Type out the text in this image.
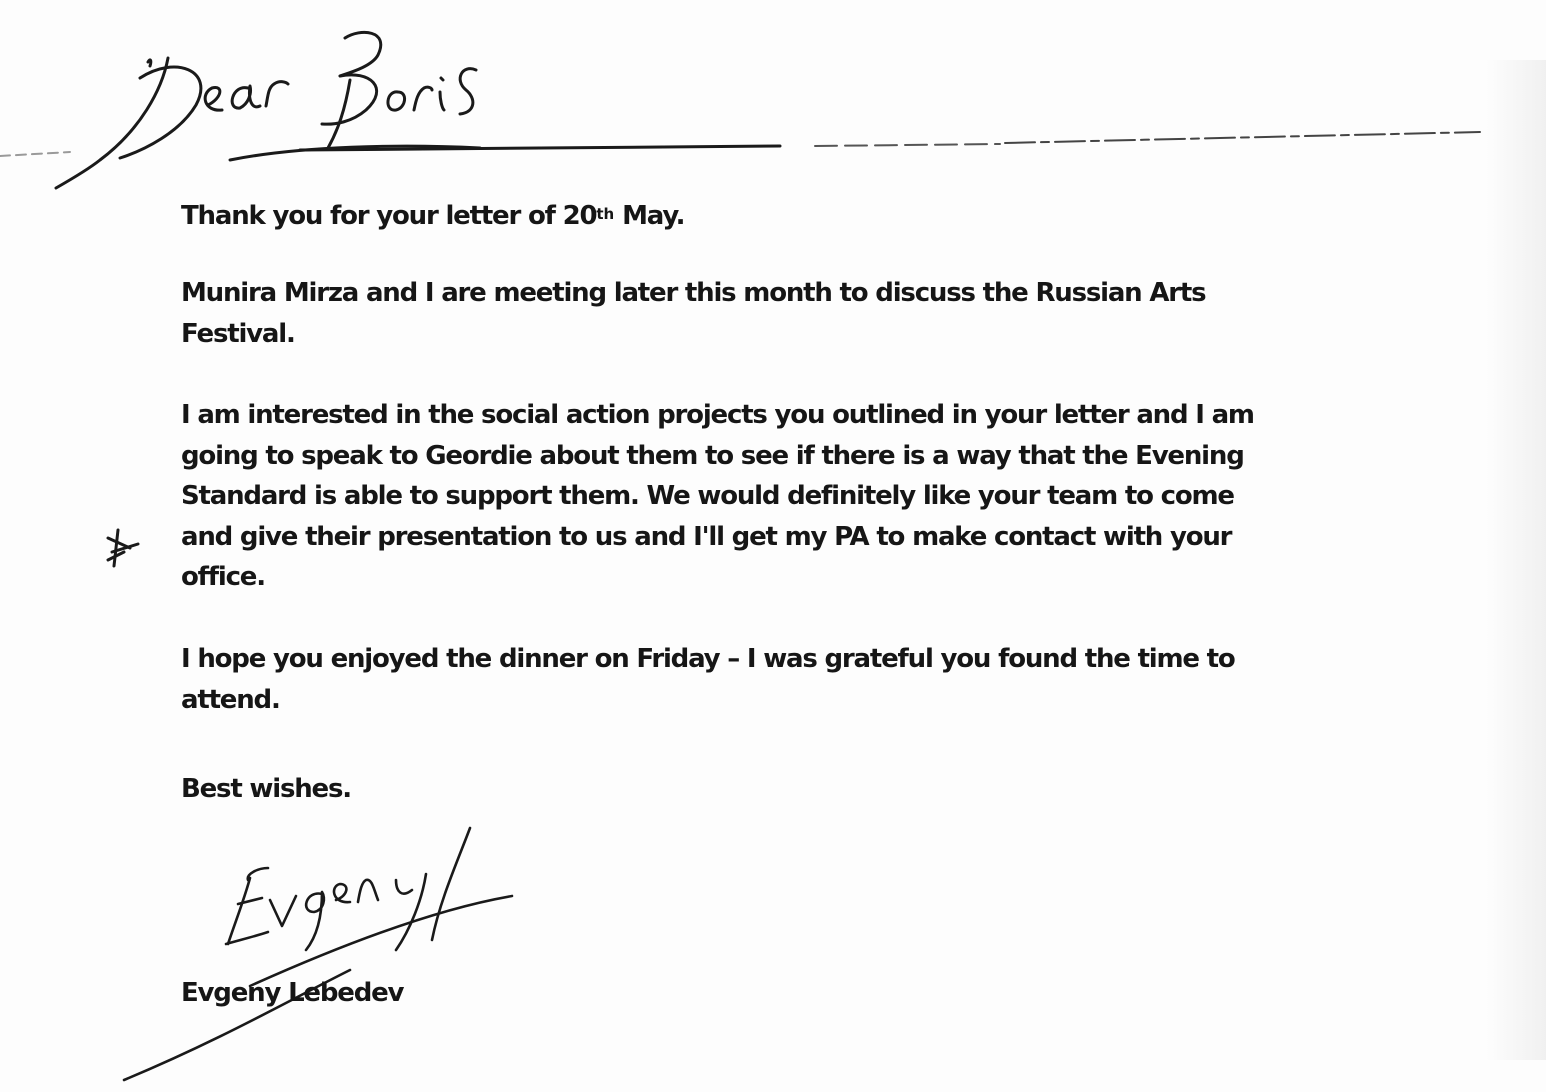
Thank you for your letter of 20th May.

Munira Mirza and I are meeting later this month to discuss the Russian Arts
Festival.

I am interested in the social action projects you outlined in your letter and I am
going to speak to Geordie about them to see if there is a way that the Evening
Standard is able to support them. We would definitely like your team to come
and give their presentation to us and I'll get my PA to make contact with your
office.

I hope you enjoyed the dinner on Friday – I was grateful you found the time to
attend.

Best wishes.

Evgeny Lebedev
